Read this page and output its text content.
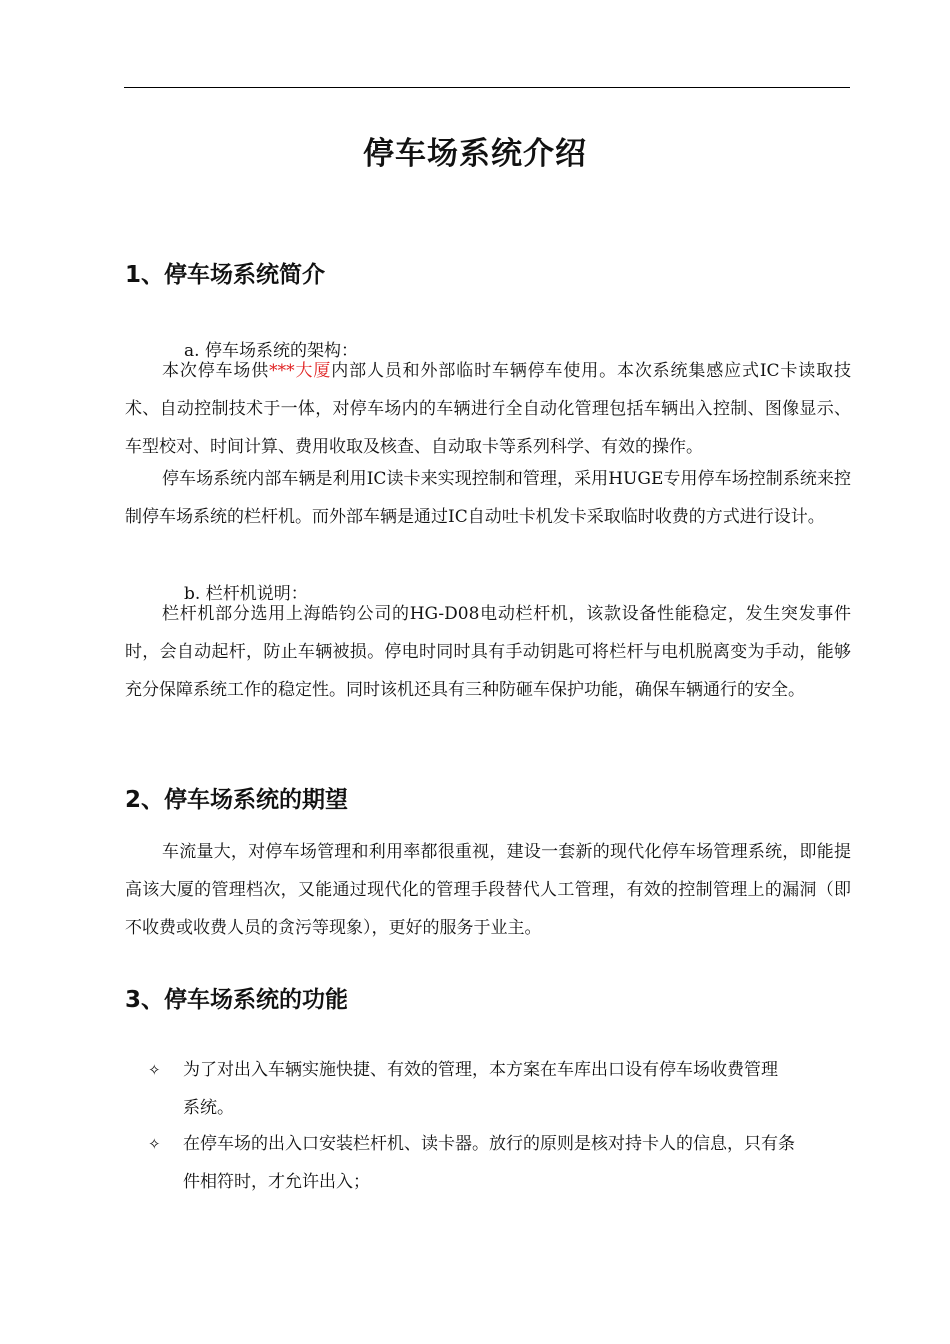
停车场系统介绍
1、停车场系统简介
a. 停车场系统的架构：
本次停车场供***大厦内部人员和外部临时车辆停车使用。本次系统集感应式IC卡读取技术、自动控制技术于一体，对停车场内的车辆进行全自动化管理包括车辆出入控制、图像显示、车型校对、时间计算、费用收取及核查、自动取卡等系列科学、有效的操作。
停车场系统内部车辆是利用IC读卡来实现控制和管理，采用HUGE专用停车场控制系统来控制停车场系统的栏杆机。而外部车辆是通过IC自动吐卡机发卡采取临时收费的方式进行设计。
b. 栏杆机说明：
栏杆机部分选用上海皓钧公司的HG-D08电动栏杆机，该款设备性能稳定，发生突发事件时，会自动起杆，防止车辆被损。停电时同时具有手动钥匙可将栏杆与电机脱离变为手动，能够充分保障系统工作的稳定性。同时该机还具有三种防砸车保护功能，确保车辆通行的安全。
2、停车场系统的期望
车流量大，对停车场管理和利用率都很重视，建设一套新的现代化停车场管理系统，即能提高该大厦的管理档次，又能通过现代化的管理手段替代人工管理，有效的控制管理上的漏洞（即不收费或收费人员的贪污等现象），更好的服务于业主。
3、停车场系统的功能
✧ 为了对出入车辆实施快捷、有效的管理，本方案在车库出口设有停车场收费管理
系统。
✧ 在停车场的出入口安装栏杆机、读卡器。放行的原则是核对持卡人的信息，只有条
件相符时，才允许出入；
